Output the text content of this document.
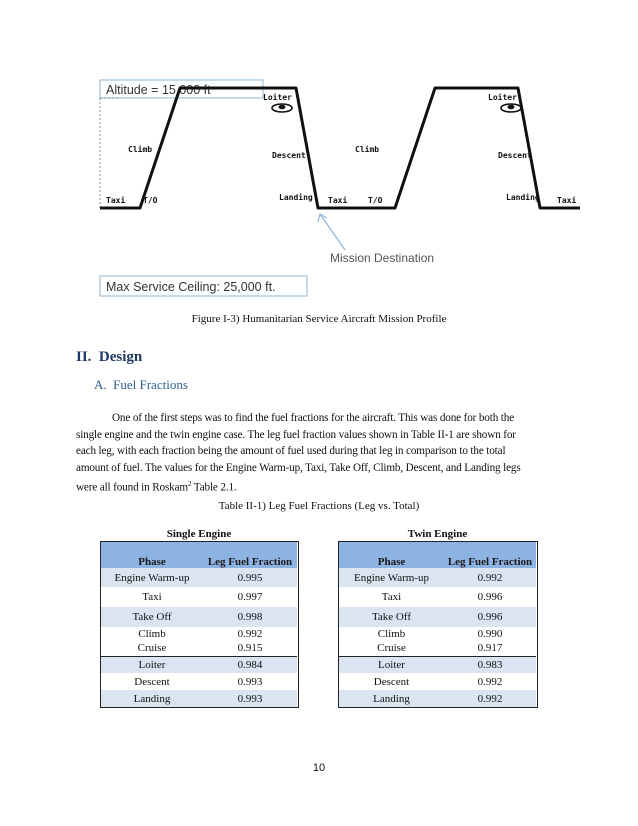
Altitude = 15,000 ft
Loiter
Climb
Descent
Taxi T/O	Landing Taxi	T/O
Climb
Loiter
Descent
Landing Taxi
Mission Destination
Max Service Ceiling: 25,000 ft.
Figure I-3) Humanitarian Service Aircraft Mission Profile
II.  Design
A.  Fuel Fractions
One of the first steps was to find the fuel fractions for the aircraft. This was done for both the
single engine and the twin engine case. The leg fuel fraction values shown in Table II-1 are shown for
each leg, with each fraction being the amount of fuel used during that leg in comparison to the total
amount of fuel. The values for the Engine Warm-up, Taxi, Take Off, Climb, Descent, and Landing legs
were all found in Roskam$^2$ Table 2.1.
Table II-1) Leg Fuel Fractions (Leg vs. Total)
Single Engine
Phase	Leg Fuel Fraction
Engine Warm-up	0.995
Taxi	0.997
Take Off	0.998
Climb	0.992
Cruise	0.915
Loiter	0.984
Descent	0.993
Landing	0.993
Twin Engine
Phase	Leg Fuel Fraction
Engine Warm-up	0.992
Taxi	0.996
Take Off	0.996
Climb	0.990
Cruise	0.917
Loiter	0.983
Descent	0.992
Landing	0.992
10
